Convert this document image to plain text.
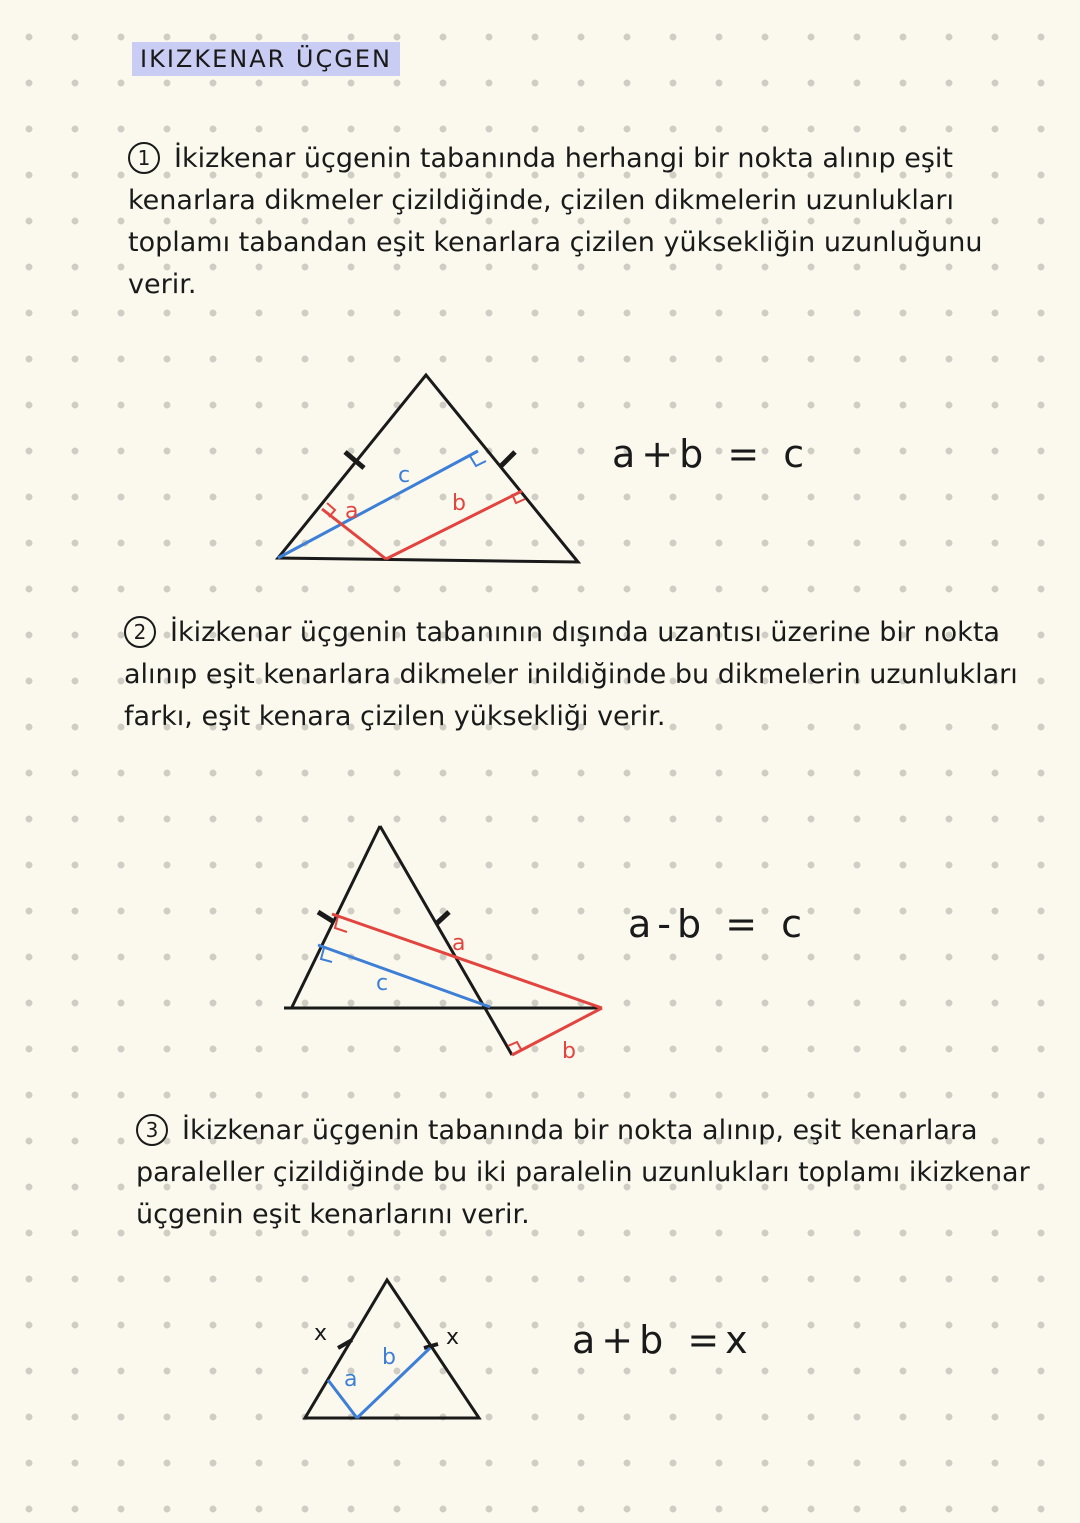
IKIZKENAR ÜÇGEN
1 İkizkenar üçgenin tabanında herhangi bir nokta alınıp eşit kenarlara dikmeler çizildiğinde, çizilen dikmelerin uzunlukları toplamı tabandan eşit kenarlara çizilen yüksekliğin uzunluğunu verir.
a	b
c	a+b = c
2 İkizkenar üçgenin tabanının dışında uzantısı üzerine bir nokta alınıp eşit kenarlara dikmeler inildiğinde bu dikmelerin uzunlukları farkı, eşit kenara çizilen yüksekliği verir.
a
b
c
a-b = c
3 İkizkenar üçgenin tabanında bir nokta alınıp, eşit kenarlara paraleller çizildiğinde bu iki paralelin uzunlukları toplamı ikizkenar üçgenin eşit kenarlarını verir.
a
b
x	x	a+b =x
